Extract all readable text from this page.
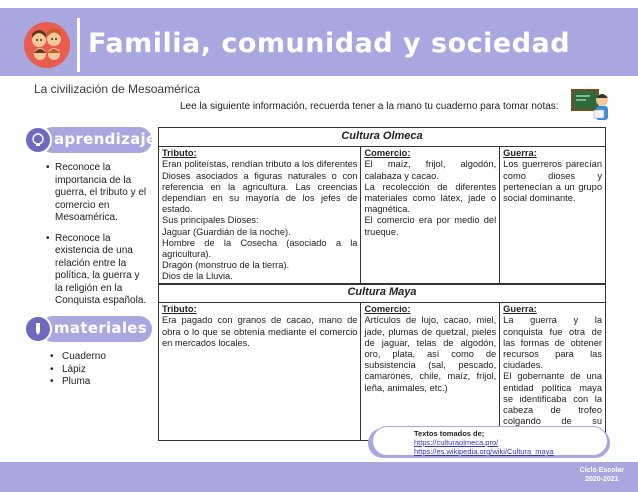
Familia, comunidad y sociedad
La civilización de Mesoamérica
Lee la siguiente información, recuerda tener a la mano tu cuaderno para tomar notas:
aprendizaje
• Reconoce la importancia de la guerra, el tributo y el comercio en Mesoamérica.
• Reconoce la existencia de una relación entre la política, la guerra y la religión en la Conquista española.
materiales
• Cuaderno
• Lápiz
• Pluma
Cultura Olmeca

Tributo:
Eran politeístas, rendían tributo a los diferentes Dioses asociados a figuras naturales o con referencia en la agricultura. Las creencias dependían en su mayoría de los jefes de estado.
Sus principales Dioses:
Jaguar (Guardián de la noche).
Hombre de la Cosecha (asociado a la agricultura).
Dragón (monstruo de la tierra).
Dios de la Lluvia.

Comercio:
El maíz, frijol, algodón, calabaza y cacao.
La recolección de diferentes materiales como látex, jade o magnética.
El comercio era por medio del trueque.

Guerra:
Los guerreros parecían como dioses y pertenecían a un grupo social dominante.
Cultura Maya

Tributo:
Era pagado con granos de cacao, mano de obra o lo que se obtenía mediante el comercio en mercados locales.

Comercio:
Artículos de lujo, cacao, miel, jade, plumas de quetzal, pieles de jaguar, telas de algodón, oro, plata, así como de subsistencia (sal, pescado, camarones, chile, maíz, frijol, leña, animales, etc.)

Guerra:
La guerra y la conquista fue otra de las formas de obtener recursos para las ciudades.
El gobernante de una entidad política maya se identificaba con la cabeza de trofeo colgando de su
Textos tomados de;
https://culturaolmeca.pro/
https://es.wikipedia.org/wiki/Cultura_maya
Ciclo Escolar
2020-2021
